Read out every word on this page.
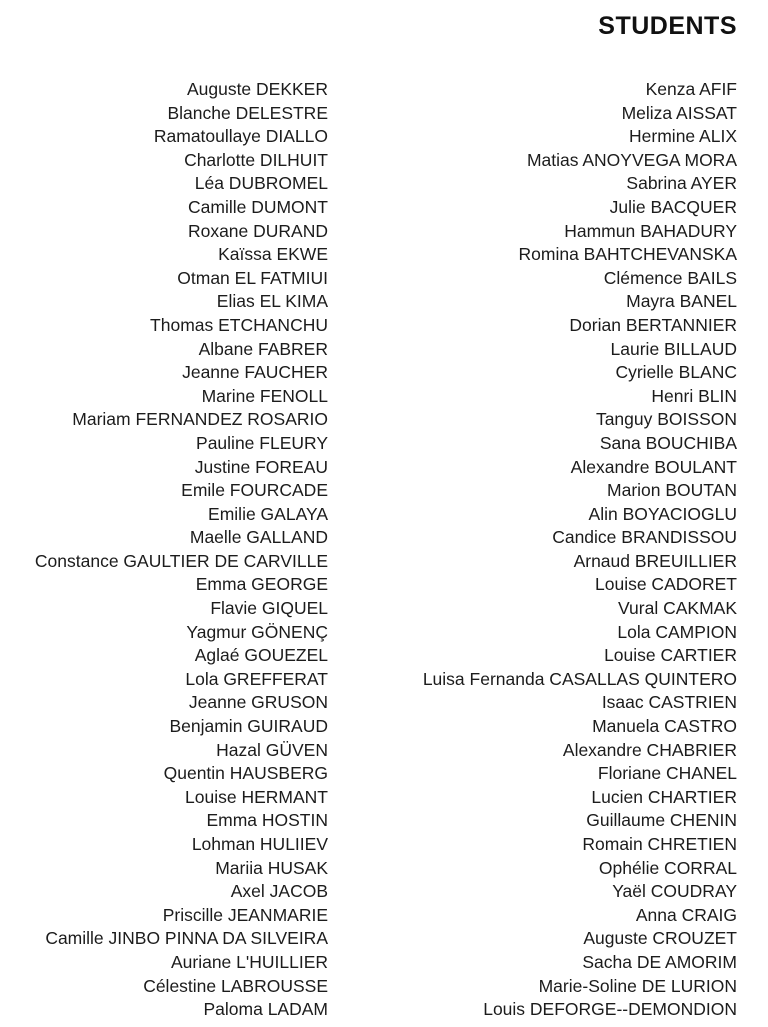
STUDENTS
Auguste DEKKER
Blanche DELESTRE
Ramatoullaye DIALLO
Charlotte DILHUIT
Léa DUBROMEL
Camille DUMONT
Roxane DURAND
Kaïssa EKWE
Otman EL FATMIUI
Elias EL KIMA
Thomas ETCHANCHU
Albane FABRER
Jeanne FAUCHER
Marine FENOLL
Mariam FERNANDEZ ROSARIO
Pauline FLEURY
Justine FOREAU
Emile FOURCADE
Emilie GALAYA
Maelle GALLAND
Constance GAULTIER DE CARVILLE
Emma GEORGE
Flavie GIQUEL
Yagmur GÖNENÇ
Aglaé GOUEZEL
Lola GREFFERAT
Jeanne GRUSON
Benjamin GUIRAUD
Hazal GÜVEN
Quentin HAUSBERG
Louise HERMANT
Emma HOSTIN
Lohman HULIIEV
Mariia HUSAK
Axel JACOB
Priscille JEANMARIE
Camille JINBO PINNA DA SILVEIRA
Auriane L'HUILLIER
Célestine LABROUSSE
Paloma LADAM
Kenza AFIF
Meliza AISSAT
Hermine ALIX
Matias ANOYVEGA MORA
Sabrina AYER
Julie BACQUER
Hammun BAHADURY
Romina BAHTCHEVANSKA
Clémence BAILS
Mayra BANEL
Dorian BERTANNIER
Laurie BILLAUD
Cyrielle BLANC
Henri BLIN
Tanguy BOISSON
Sana BOUCHIBA
Alexandre BOULANT
Marion BOUTAN
Alin BOYACIOGLU
Candice BRANDISSOU
Arnaud BREUILLIER
Louise CADORET
Vural CAKMAK
Lola CAMPION
Louise CARTIER
Luisa Fernanda CASALLAS QUINTERO
Isaac CASTRIEN
Manuela CASTRO
Alexandre CHABRIER
Floriane CHANEL
Lucien CHARTIER
Guillaume CHENIN
Romain CHRETIEN
Ophélie CORRAL
Yaël COUDRAY
Anna CRAIG
Auguste CROUZET
Sacha DE AMORIM
Marie-Soline DE LURION
Louis DEFORGE--DEMONDION
